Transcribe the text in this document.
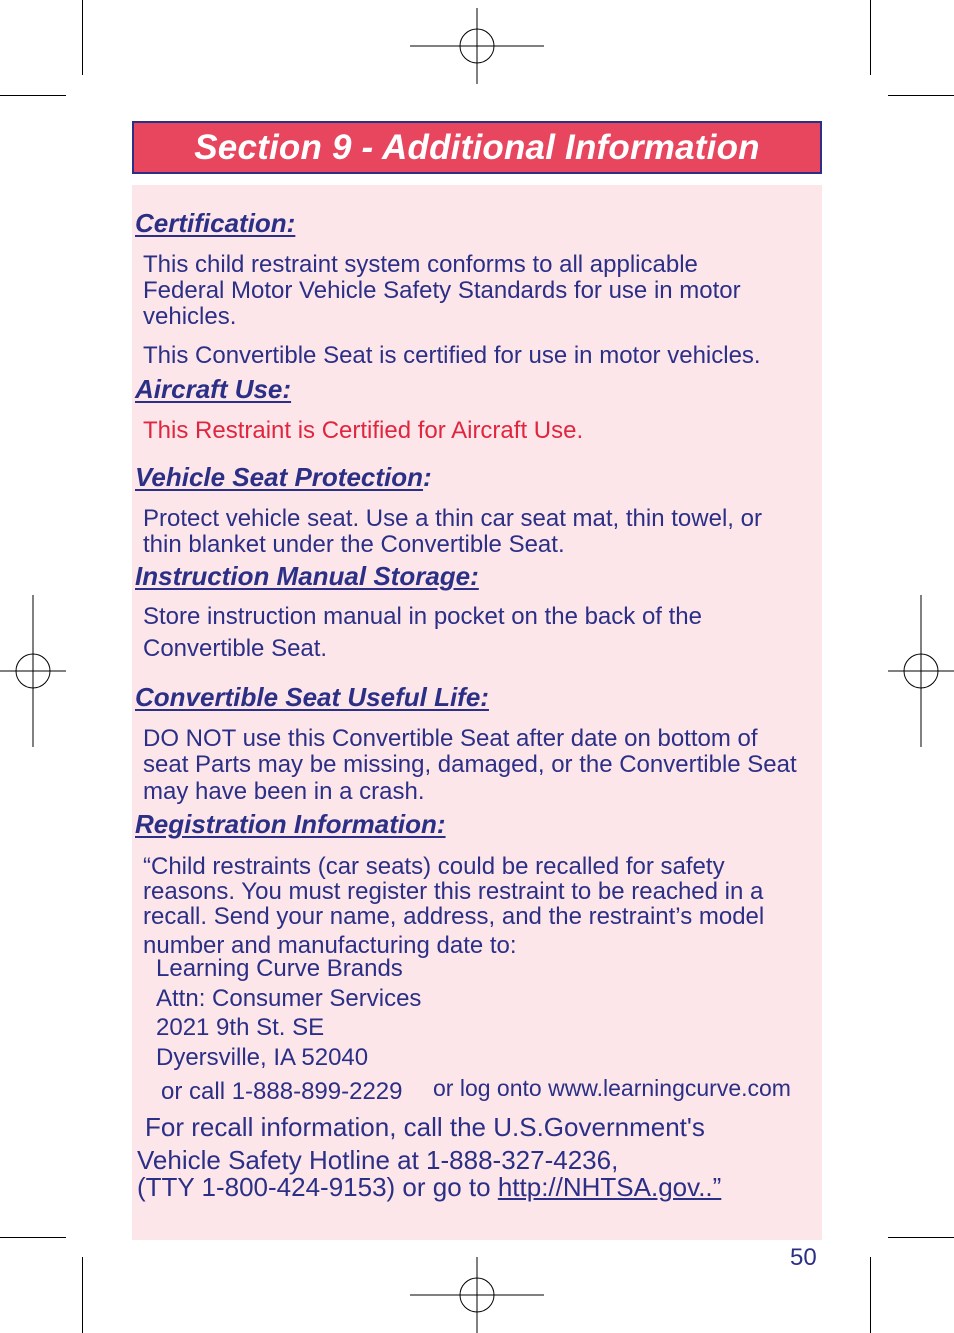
Section 9 - Additional Information
Certification:
This child restraint system conforms to all applicable
Federal Motor Vehicle Safety Standards for use in motor
vehicles.
This Convertible Seat is certified for use in motor vehicles.
Aircraft Use:
This Restraint is Certified for Aircraft Use.
Vehicle Seat Protection:
Protect vehicle seat. Use a thin car seat mat, thin towel, or
thin blanket under the Convertible Seat.
Instruction Manual Storage:
Store instruction manual in pocket on the back of the
Convertible Seat.
Convertible Seat Useful Life:
DO NOT use this Convertible Seat after date on bottom of
seat Parts may be missing, damaged, or the Convertible Seat
may have been in a crash.
Registration Information:
“Child restraints (car seats) could be recalled for safety
reasons. You must register this restraint to be reached in a
recall. Send your name, address, and the restraint’s model
number and manufacturing date to:
Learning Curve Brands
Attn: Consumer Services
2021 9th St. SE
Dyersville, IA 52040
or call 1-888-899-2229 or log onto www.learningcurve.com
For recall information, call the U.S.Government's
Vehicle Safety Hotline at 1-888-327-4236,
(TTY 1-800-424-9153) or go to http://NHTSA.gov..”
50
